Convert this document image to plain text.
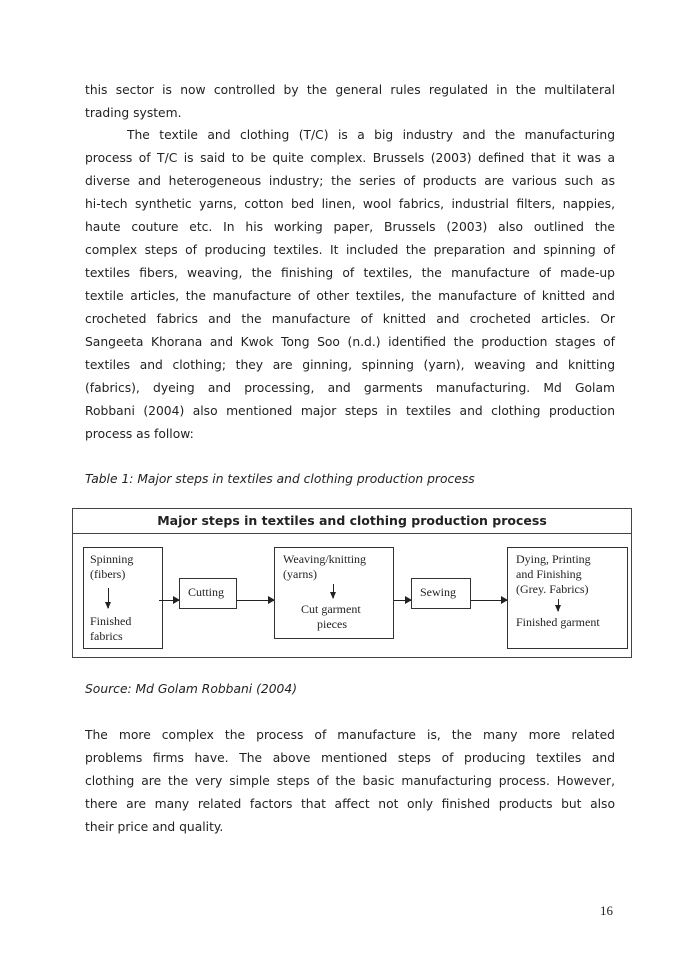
this sector is now controlled by the general rules regulated in the multilateral
trading system.
The textile and clothing (T/C) is a big industry and the manufacturing
process of T/C is said to be quite complex. Brussels (2003) defined that it was a
diverse and heterogeneous industry; the series of products are various such as
hi-tech synthetic yarns, cotton bed linen, wool fabrics, industrial filters, nappies,
haute couture etc. In his working paper, Brussels (2003) also outlined the
complex steps of producing textiles. It included the preparation and spinning of
textiles fibers, weaving, the finishing of textiles, the manufacture of made-up
textile articles, the manufacture of other textiles, the manufacture of knitted and
crocheted fabrics and the manufacture of knitted and crocheted articles. Or
Sangeeta Khorana and Kwok Tong Soo (n.d.) identified the production stages of
textiles and clothing; they are ginning, spinning (yarn), weaving and knitting
(fabrics), dyeing and processing, and garments manufacturing. Md Golam
Robbani (2004) also mentioned major steps in textiles and clothing production
process as follow:
Table 1: Major steps in textiles and clothing production process
Major steps in textiles and clothing production process
Spinning
(fibers)
Finished
fabrics
Cutting
Weaving/knitting
(yarns)
Cut garment
pieces
Sewing
Dying, Printing
and Finishing
(Grey. Fabrics)
Finished garment
Source: Md Golam Robbani (2004)
The more complex the process of manufacture is, the many more related
problems firms have. The above mentioned steps of producing textiles and
clothing are the very simple steps of the basic manufacturing process. However,
there are many related factors that affect not only finished products but also
their price and quality.
16
